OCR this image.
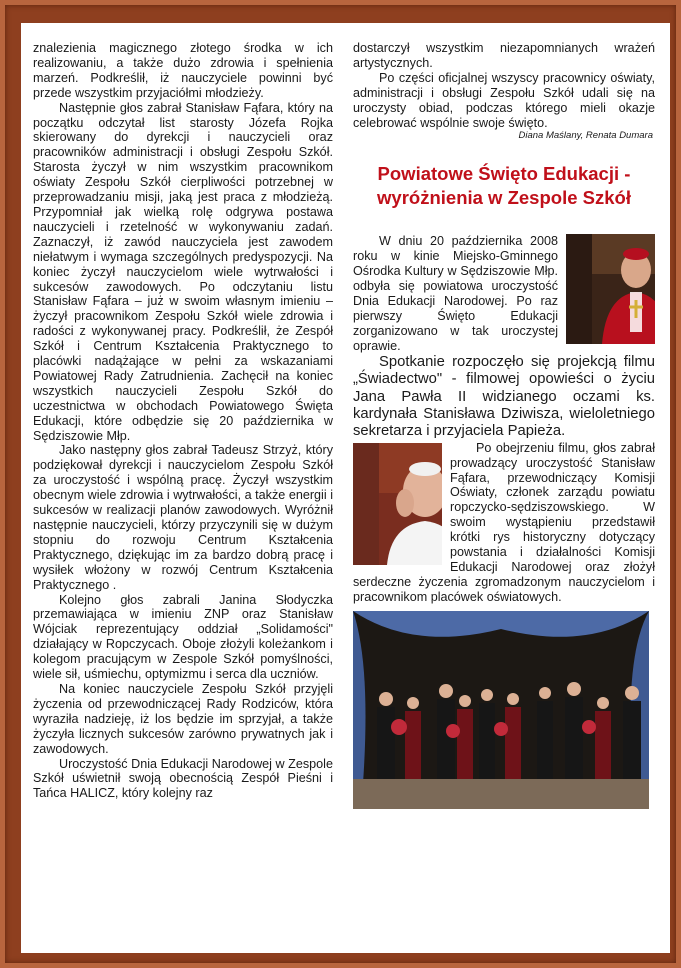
znalezienia magicznego złotego środka w ich realizowaniu, a także dużo zdrowia i spełnienia marzeń. Podkreślił, iż nauczyciele powinni być przede wszystkim przyjaciółmi młodzieży.

Następnie głos zabrał Stanisław Fąfara, który na początku odczytał list starosty Józefa Rojka skierowany do dyrekcji i nauczycieli oraz pracowników administracji i obsługi Zespołu Szkół. Starosta życzył w nim wszystkim pracownikom oświaty Zespołu Szkół cierpliwości potrzebnej w przeprowadzaniu misji, jaką jest praca z młodzieżą. Przypomniał jak wielką rolę odgrywa postawa nauczycieli i rzetelność w wykonywaniu zadań. Zaznaczył, iż zawód nauczyciela jest zawodem niełatwym i wymaga szczególnych predyspozycji. Na koniec życzył nauczycielom wiele wytrwałości i sukcesów zawodowych. Po odczytaniu listu Stanisław Fąfara – już w swoim własnym imieniu – życzył pracownikom Zespołu Szkół wiele zdrowia i radości z wykonywanej pracy. Podkreślił, że Zespół Szkół i Centrum Kształcenia Praktycznego to placówki nadążające w pełni za wskazaniami Powiatowej Rady Zatrudnienia. Zachęcił na koniec wszystkich nauczycieli Zespołu Szkół do uczestnictwa w obchodach Powiatowego Święta Edukacji, które odbędzie się 20 października w Sędziszowie Młp.

Jako następny głos zabrał Tadeusz Strzyż, który podziękował dyrekcji i nauczycielom Zespołu Szkół za uroczystość i wspólną pracę. Życzył wszystkim obecnym wiele zdrowia i wytrwałości, a także energii i sukcesów w realizacji planów zawodowych. Wyróżnił następnie nauczycieli, którzy przyczynili się w dużym stopniu do rozwoju Centrum Kształcenia Praktycznego, dziękując im za bardzo dobrą pracę i wysiłek włożony w rozwój Centrum Kształcenia Praktycznego .

Kolejno głos zabrali Janina Słodyczka przemawiająca w imieniu ZNP oraz Stanisław Wójciak reprezentujący oddział „Solidamości" działający w Ropczycach. Oboje złożyli koleżankom i kolegom pracującym w Zespole Szkół pomyślności, wiele sił, uśmiechu, optymizmu i serca dla uczniów.

Na koniec nauczyciele Zespołu Szkół przyjęli życzenia od przewodniczącej Rady Rodziców, która wyraziła nadzieję, iż los będzie im sprzyjał, a także życzyła licznych sukcesów zarówno prywatnych jak i zawodowych.

Uroczystość Dnia Edukacji Narodowej w Zespole Szkół uświetnił swoją obecnością Zespół Pieśni i Tańca HALICZ, który kolejny raz

dostarczył wszystkim niezapomnianych wrażeń artystycznych.

Po części oficjalnej wszyscy pracownicy oświaty, administracji i obsługi Zespołu Szkół udali się na uroczysty obiad, podczas którego mieli okazje celebrować wspólnie swoje święto.

Diana Maślany, Renata Dumara
Powiatowe Święto Edukacji - wyróżnienia w Zespole Szkół

W dniu 20 października 2008 roku w kinie Miejsko-Gminnego Ośrodka Kultury w Sędziszowie Młp. odbyła się powiatowa uroczystość Dnia Edukacji Narodowej. Po raz pierwszy Święto Edukacji zorganizowano w tak uroczystej oprawie.

Spotkanie rozpoczęło się projekcją filmu „Świadectwo" - filmowej opowieści o życiu Jana Pawła II widzianego oczami ks. kardynała Stanisława Dziwisza, wieloletniego sekretarza i przyjaciela Papieża.

Po obejrzeniu filmu, głos zabrał prowadzący uroczystość Stanisław Fąfara, przewodniczący Komisji Oświaty, członek zarządu powiatu ropczycko-sędziszowskiego. W swoim wystąpieniu przedstawił krótki rys historyczny dotyczący powstania i działalności Komisji Edukacji Narodowej oraz złożył serdeczne życzenia zgromadzonym nauczycielom i pracownikom placówek oświatowych.
